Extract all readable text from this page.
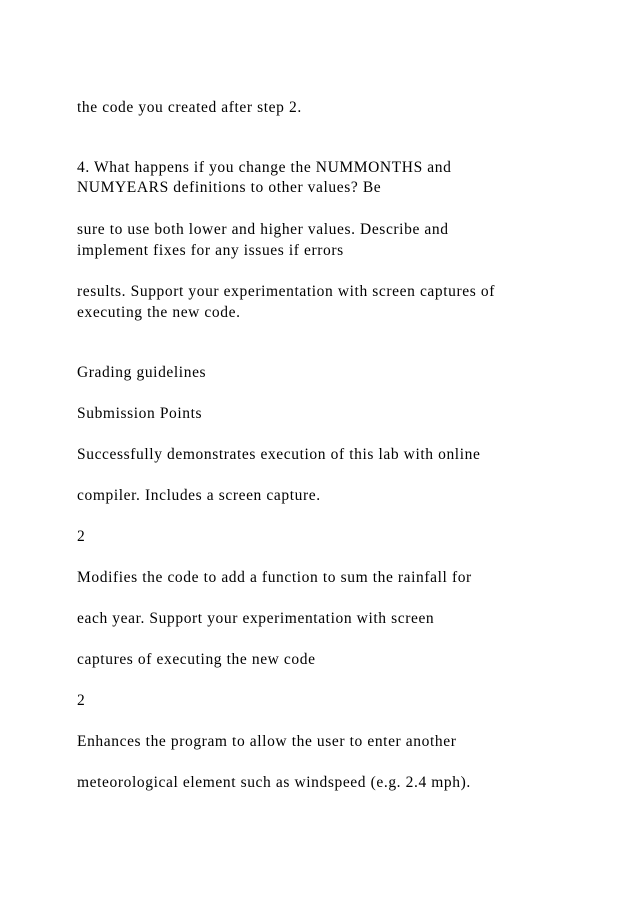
the code you created after step 2.
4. What happens if you change the NUMMONTHS and
NUMYEARS definitions to other values? Be
sure to use both lower and higher values. Describe and
implement fixes for any issues if errors
results. Support your experimentation with screen captures of
executing the new code.
Grading guidelines
Submission Points
Successfully demonstrates execution of this lab with online
compiler. Includes a screen capture.
2
Modifies the code to add a function to sum the rainfall for
each year. Support your experimentation with screen
captures of executing the new code
2
Enhances the program to allow the user to enter another
meteorological element such as windspeed (e.g. 2.4 mph).
